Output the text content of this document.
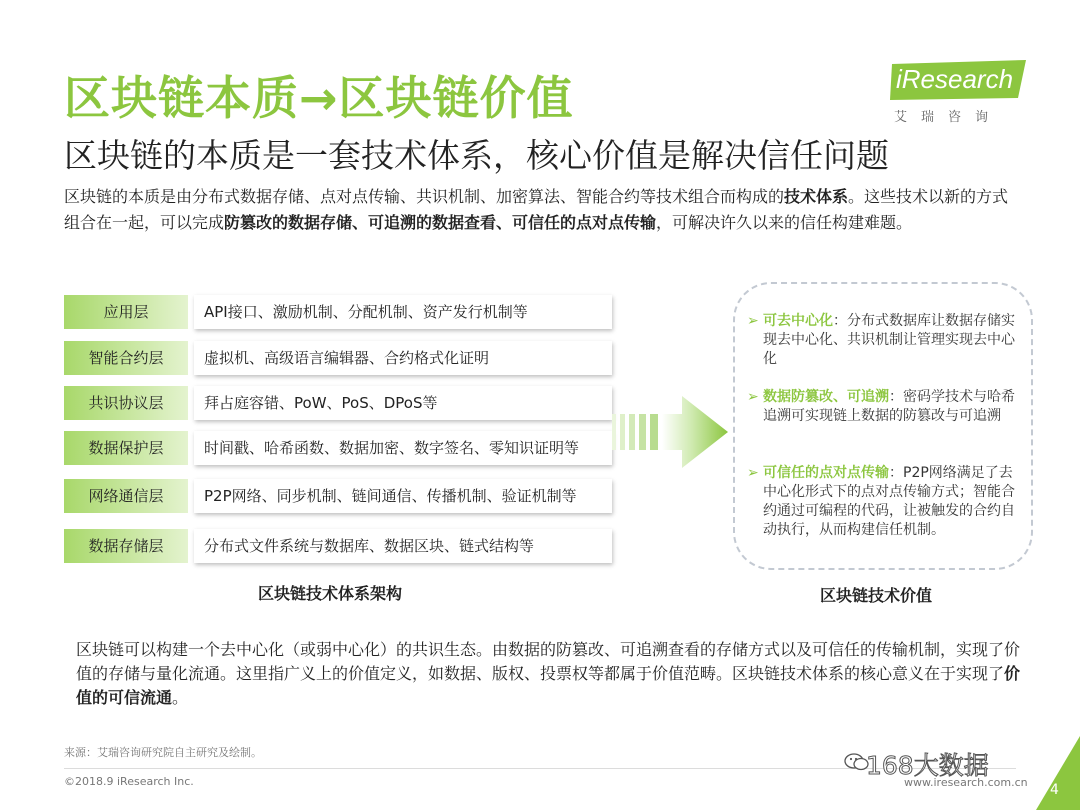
区块链本质→区块链价值
区块链的本质是一套技术体系，核心价值是解决信任问题
iResearch
艾瑞咨询
区块链的本质是由分布式数据存储、点对点传输、共识机制、加密算法、智能合约等技术组合而构成的技术体系。这些技术以新的方式组合在一起，可以完成防篡改的数据存储、可追溯的数据查看、可信任的点对点传输，可解决许久以来的信任构建难题。
应用层	API接口、激励机制、分配机制、资产发行机制等
智能合约层	虚拟机、高级语言编辑器、合约格式化证明
共识协议层	拜占庭容错、PoW、PoS、DPoS等
数据保护层	时间戳、哈希函数、数据加密、数字签名、零知识证明等
网络通信层	P2P网络、同步机制、链间通信、传播机制、验证机制等
数据存储层	分布式文件系统与数据库、数据区块、链式结构等
区块链技术体系架构
➢ 可去中心化：分布式数据库让数据存储实现去中心化、共识机制让管理实现去中心化
➢ 数据防篡改、可追溯：密码学技术与哈希追溯可实现链上数据的防篡改与可追溯
➢ 可信任的点对点传输：P2P网络满足了去中心化形式下的点对点传输方式；智能合约通过可编程的代码，让被触发的合约自动执行，从而构建信任机制。
区块链技术价值
区块链可以构建一个去中心化（或弱中心化）的共识生态。由数据的防篡改、可追溯查看的存储方式以及可信任的传输机制，实现了价值的存储与量化流通。这里指广义上的价值定义，如数据、版权、投票权等都属于价值范畴。区块链技术体系的核心意义在于实现了价值的可信流通。
来源：艾瑞咨询研究院自主研究及绘制。
©2018.9 iResearch Inc.	www.iresearch.com.cn
168大数据
4
